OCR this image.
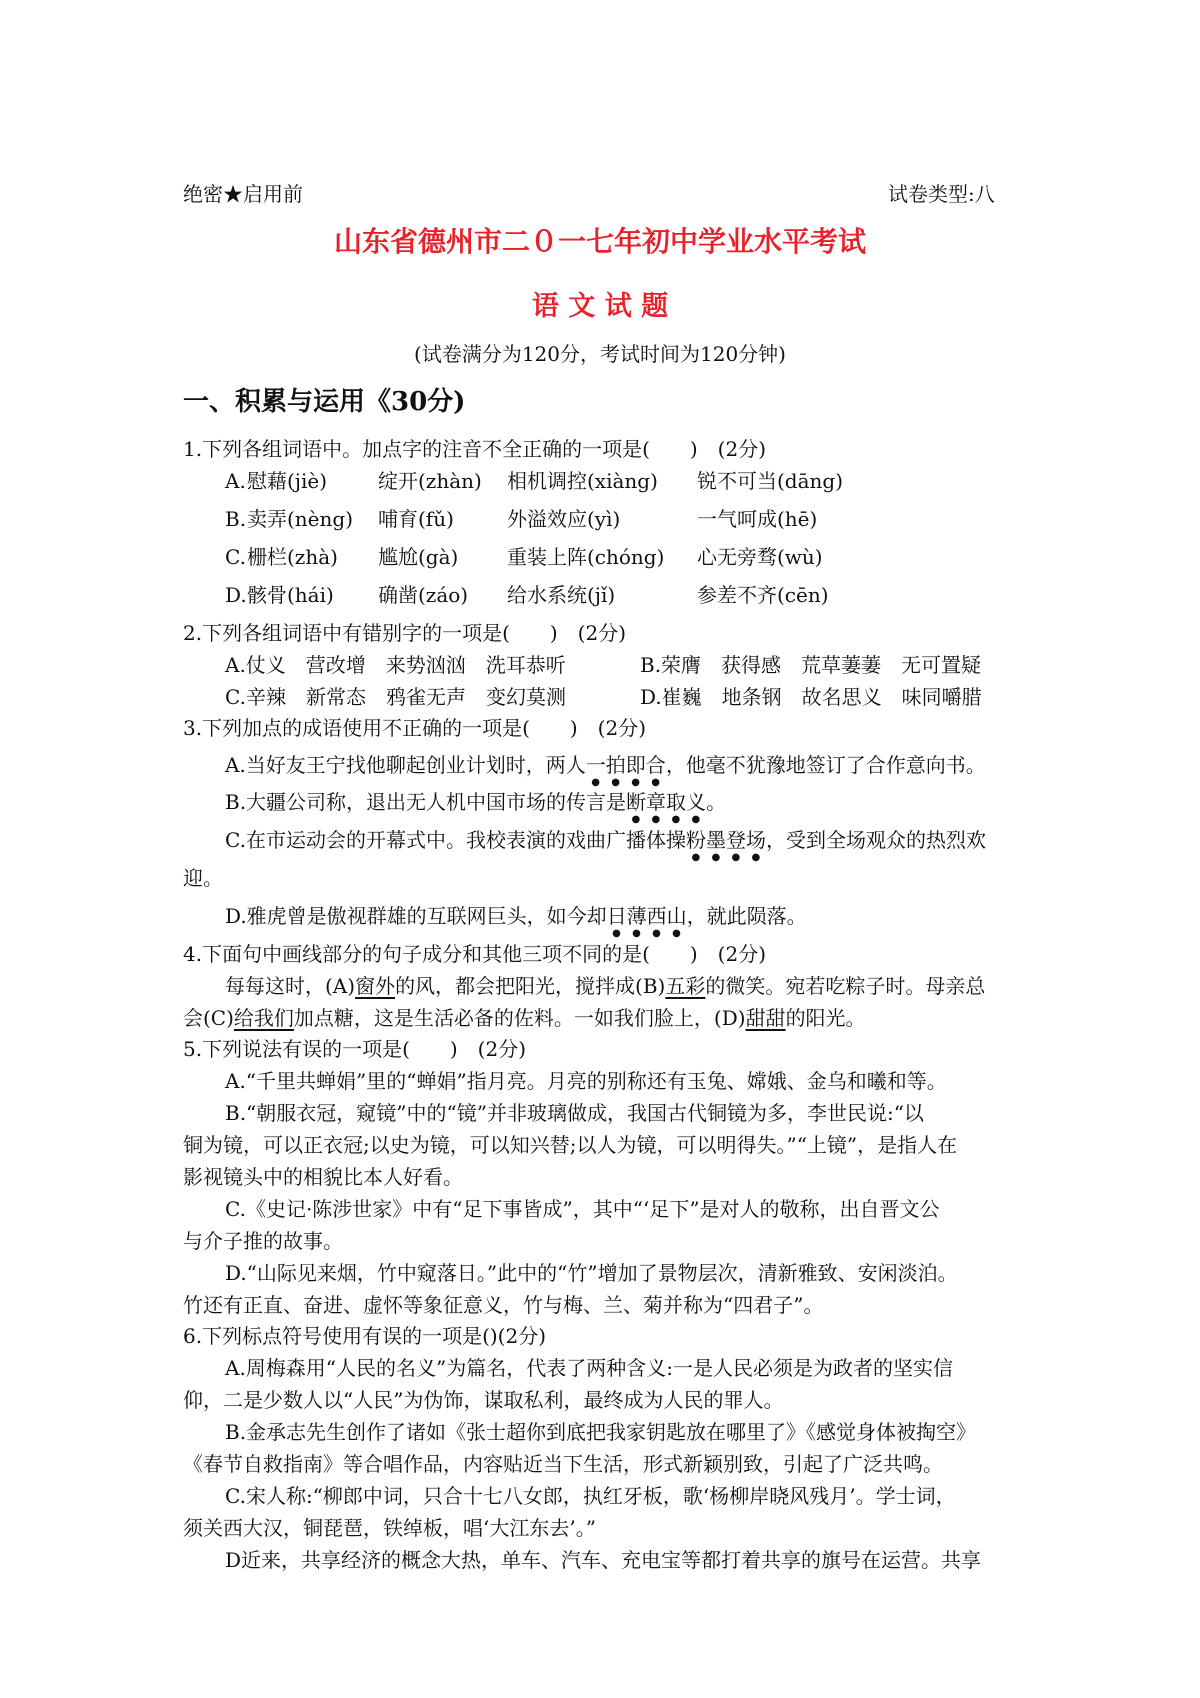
绝密★启用前	试卷类型:八
山东省德州市二０一七年初中学业水平考试
语 文 试 题
(试卷满分为120分，考试时间为120分钟)
一、积累与运用《30分)
1.下列各组词语中。加点字的注音不全正确的一项是(　　)　(2分)
A. 慰藉(jiè)	绽开(zhàn) 相机调控(xiàng) 锐不可当(dāng)
B. 卖弄(nèng) 哺育(fǔ)	外溢效应(yì)	一气呵成(hē)
C. 栅栏(zhà) 尴尬(gà) 重装上阵(chóng) 心无旁骛(wù)
D. 骸骨(hái) 确凿(záo) 给水系统(jǐ)	参差不齐(cēn)
2.下列各组词语中有错别字的一项是(　　)　(2分)
A.仗义　营改增　来势汹汹　洗耳恭听	B.荣膺　获得感　荒草萋萋　无可置疑
C.辛辣　新常态　鸦雀无声　变幻莫测	D.崔巍　地条钢　故名思义　味同嚼腊
3.下列加点的成语使用不正确的一项是(　　)　(2分)
A.当好友王宁找他聊起创业计划时，两人一拍即合，他毫不犹豫地签订了合作意向书。
B.大疆公司称，退出无人机中国市场的传言是断章取义。
C.在市运动会的开幕式中。我校表演的戏曲广播体操粉墨登场，受到全场观众的热烈欢
迎。
D.雅虎曾是傲视群雄的互联网巨头，如今却日薄西山，就此陨落。
4.下面句中画线部分的句子成分和其他三项不同的是(　　)　(2分)
每每这时，(A)窗外的风，都会把阳光，搅拌成(B)五彩的微笑。宛若吃粽子时。母亲总
会(C)给我们加点糖，这是生活必备的佐料。一如我们脸上，(D)甜甜的阳光。
5.下列说法有误的一项是(　　)　(2分)
A.“千里共蝉娟”里的“蝉娟”指月亮。月亮的别称还有玉兔、嫦娥、金乌和曦和等。
B.“朝服衣冠，窥镜”中的“镜”并非玻璃做成，我国古代铜镜为多，李世民说:“以
铜为镜，可以正衣冠;以史为镜，可以知兴替;以人为镜，可以明得失。”“上镜”，是指人在
影视镜头中的相貌比本人好看。
C.《史记·陈涉世家》中有“足下事皆成”，其中“‘足下”是对人的敬称，出自晋文公
与介子推的故事。
D.“山际见来烟，竹中窥落日。”此中的“竹”增加了景物层次，清新雅致、安闲淡泊。
竹还有正直、奋进、虚怀等象征意义，竹与梅、兰、菊并称为“四君子”。
6.下列标点符号使用有误的一项是()(2分)
A.周梅森用“人民的名义”为篇名，代表了两种含义:一是人民必须是为政者的坚实信
仰，二是少数人以“人民”为伪饰，谋取私利，最终成为人民的罪人。
B.金承志先生创作了诸如《张士超你到底把我家钥匙放在哪里了》《感觉身体被掏空》
《春节自救指南》等合唱作品，内容贴近当下生活，形式新颖别致，引起了广泛共鸣。
C.宋人称:“柳郎中词，只合十七八女郎，执红牙板，歌‘杨柳岸晓风残月’。学士词，
须关西大汉，铜琵琶，铁绰板，唱‘大江东去’。”
D近来，共享经济的概念大热，单车、汽车、充电宝等都打着共享的旗号在运营。共享
